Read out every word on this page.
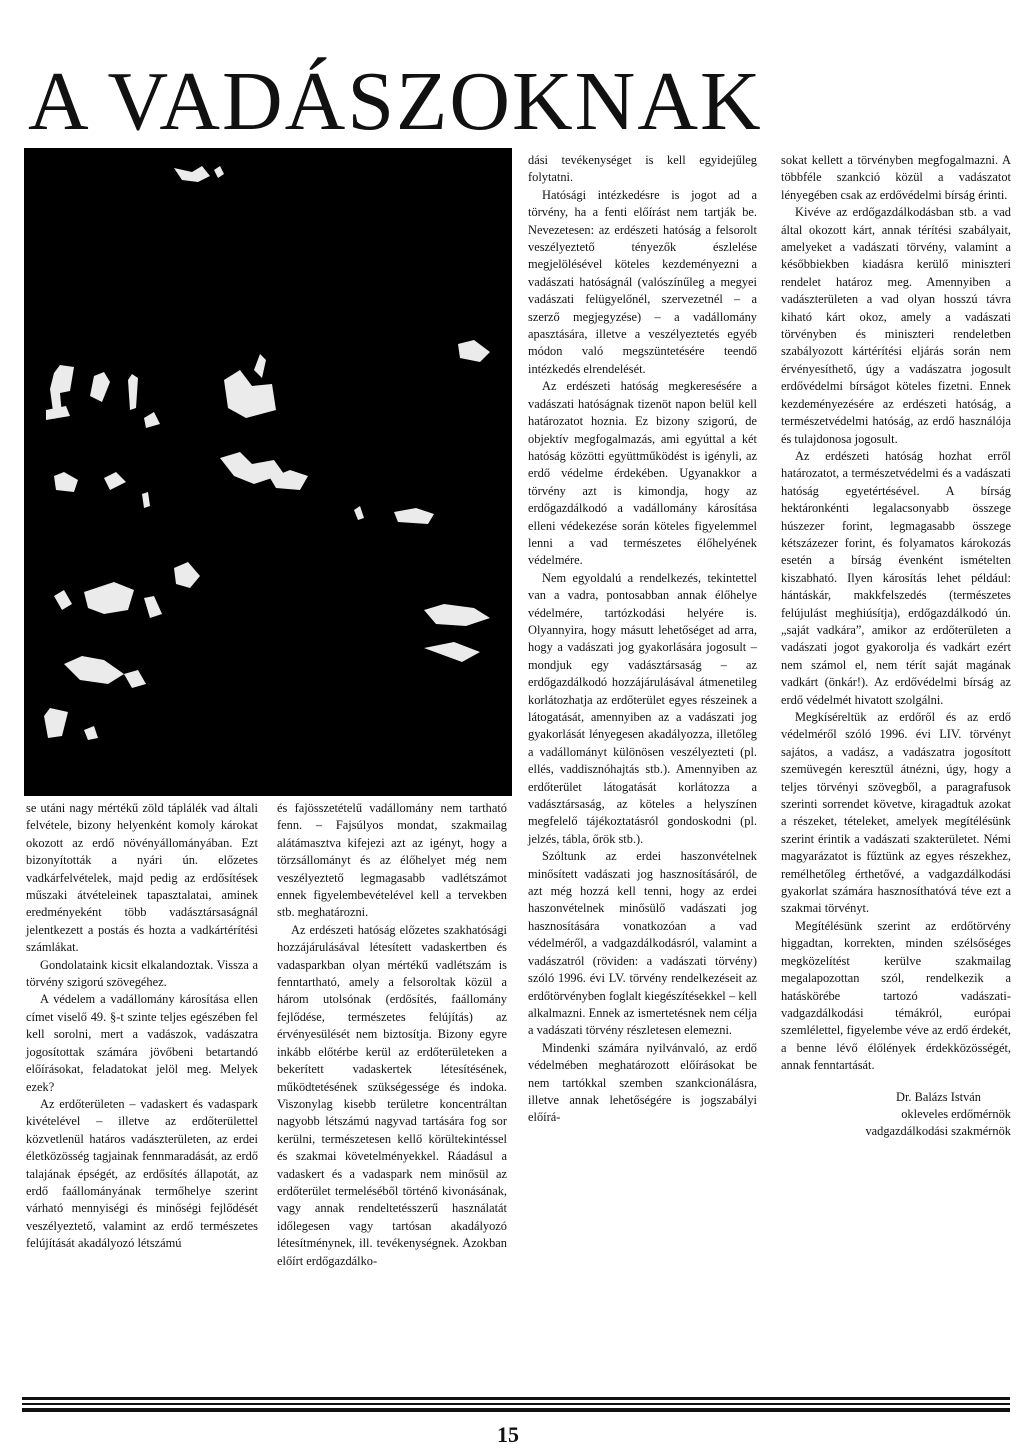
A VADÁSZOKNAK

se utáni nagy mértékű zöld táplálék vad általi felvétele, bizony helyenként komoly károkat okozott az erdő növényállományában. Ezt bizonyították a nyári ún. előzetes vadkárfelvételek, majd pedig az erdősítések műszaki átvételeinek tapasztalatai, aminek eredményeként több vadásztársaságnál jelentkezett a postás és hozta a vadkártérítési számlákat.

Gondolataink kicsit elkalandoztak. Vissza a törvény szigorú szövegéhez.

A védelem a vadállomány károsítása ellen címet viselő 49. §-t szinte teljes egészében fel kell sorolni, mert a vadászok, vadászatra jogosítottak számára jövőbeni betartandó előírásokat, feladatokat jelöl meg. Melyek ezek?

Az erdőterületen – vadaskert és vadaspark kivételével – illetve az erdőterülettel közvetlenül határos vadászterületen, az erdei életközösség tagjainak fennmaradását, az erdő talajának épségét, az erdősítés állapotát, az erdő faállományának termőhelye szerint várható mennyiségi és minőségi fejlődését veszélyeztető, valamint az erdő természetes felújítását akadályozó létszámú

és fajösszetételű vadállomány nem tartható fenn. – Fajsúlyos mondat, szakmailag alátámasztva kifejezi azt az igényt, hogy a törzsállományt és az élőhelyet még nem veszélyeztető legmagasabb vadlétszámot ennek figyelembevételével kell a tervekben stb. meghatározni.

Az erdészeti hatóság előzetes szakhatósági hozzájárulásával létesített vadaskertben és vadasparkban olyan mértékű vadlétszám is fenntartható, amely a felsoroltak közül a három utolsónak (erdősítés, faállomány fejlődése, természetes felújítás) az érvényesülését nem biztosítja. Bizony egyre inkább előtérbe kerül az erdőterületeken a bekerített vadaskertek létesítésének, működtetésének szükségessége és indoka. Viszonylag kisebb területre koncentráltan nagyobb létszámú nagyvad tartására fog sor kerülni, természetesen kellő körültekintéssel és szakmai követelményekkel. Ráadásul a vadaskert és a vadaspark nem minősül az erdőterület termeléséből történő kivonásának, vagy annak rendeltetésszerű használatát időlegesen vagy tartósan akadályozó létesítménynek, ill. tevékenységnek. Azokban előírt erdőgazdálko-

dási tevékenységet is kell egyidejűleg folytatni.

Hatósági intézkedésre is jogot ad a törvény, ha a fenti előírást nem tartják be. Nevezetesen: az erdészeti hatóság a felsorolt veszélyeztető tényezők észlelése megjelölésével köteles kezdeményezni a vadászati hatóságnál (valószínűleg a megyei vadászati felügyelőnél, szervezetnél – a szerző megjegyzése) – a vadállomány apasztására, illetve a veszélyeztetés egyéb módon való megszüntetésére teendő intézkedés elrendelését.

Az erdészeti hatóság megkeresésére a vadászati hatóságnak tizenöt napon belül kell határozatot hoznia. Ez bizony szigorú, de objektív megfogalmazás, ami egyúttal a két hatóság közötti együttműködést is igényli, az erdő védelme érdekében. Ugyanakkor a törvény azt is kimondja, hogy az erdőgazdálkodó a vadállomány károsítása elleni védekezése során köteles figyelemmel lenni a vad természetes élőhelyének védelmére.

Nem egyoldalú a rendelkezés, tekintettel van a vadra, pontosabban annak élőhelye védelmére, tartózkodási helyére is. Olyannyira, hogy másutt lehetőséget ad arra, hogy a vadászati jog gyakorlására jogosult – mondjuk egy vadásztársaság – az erdőgazdálkodó hozzájárulásával átmenetileg korlátozhatja az erdőterület egyes részeinek a látogatását, amennyiben az a vadászati jog gyakorlását lényegesen akadályozza, illetőleg a vadállományt különösen veszélyezteti (pl. ellés, vaddisznóhajtás stb.). Amennyiben az erdőterület látogatását korlátozza a vadásztársaság, az köteles a helyszínen megfelelő tájékoztatásról gondoskodni (pl. jelzés, tábla, őrök stb.).

Szóltunk az erdei haszonvételnek minősített vadászati jog hasznosításáról, de azt még hozzá kell tenni, hogy az erdei haszonvételnek minősülő vadászati jog hasznosítására vonatkozóan a vad védelméről, a vadgazdálkodásról, valamint a vadászatról (röviden: a vadászati törvény) szóló 1996. évi LV. törvény rendelkezéseit az erdőtörvényben foglalt kiegészítésekkel – kell alkalmazni. Ennek az ismertetésnek nem célja a vadászati törvény részletesen elemezni.

Mindenki számára nyilvánvaló, az erdő védelmében meghatározott előírásokat be nem tartókkal szemben szankcionálásra, illetve annak lehetőségére is jogszabályi előírá-

sokat kellett a törvényben megfogalmazni. A többféle szankció közül a vadászatot lényegében csak az erdővédelmi bírság érinti.

Kivéve az erdőgazdálkodásban stb. a vad által okozott kárt, annak térítési szabályait, amelyeket a vadászati törvény, valamint a későbbiekben kiadásra kerülő miniszteri rendelet határoz meg. Amennyiben a vadászterületen a vad olyan hosszú távra kiható kárt okoz, amely a vadászati törvényben és miniszteri rendeletben szabályozott kártérítési eljárás során nem érvényesíthető, úgy a vadászatra jogosult erdővédelmi bírságot köteles fizetni. Ennek kezdeményezésére az erdészeti hatóság, a természetvédelmi hatóság, az erdő használója és tulajdonosa jogosult.

Az erdészeti hatóság hozhat erről határozatot, a természetvédelmi és a vadászati hatóság egyetértésével. A bírság hektáronkénti legalacsonyabb összege húszezer forint, legmagasabb összege kétszázezer forint, és folyamatos károkozás esetén a bírság évenként ismételten kiszabható. Ilyen károsítás lehet például: hántáskár, makkfelszedés (természetes felújulást meghiúsítja), erdőgazdálkodó ún. „saját vadkára”, amikor az erdőterületen a vadászati jogot gyakorolja és vadkárt ezért nem számol el, nem térít saját magának vadkárt (önkár!). Az erdővédelmi bírság az erdő védelmét hivatott szolgálni.

Megkíséreltük az erdőről és az erdő védelméről szóló 1996. évi LIV. törvényt sajátos, a vadász, a vadászatra jogosított szemüvegén keresztül átnézni, úgy, hogy a teljes törvényi szövegből, a paragrafusok szerinti sorrendet követve, kiragadtuk azokat a részeket, tételeket, amelyek megítélésünk szerint érintik a vadászati szakterületet. Némi magyarázatot is fűztünk az egyes részekhez, remélhetőleg érthetővé, a vadgazdálkodási gyakorlat számára hasznosíthatóvá téve ezt a szakmai törvényt.

Megítélésünk szerint az erdőtörvény higgadtan, korrekten, minden szélsőséges megközelítést kerülve szakmailag megalapozottan szól, rendelkezik a hatáskörébe tartozó vadászati-vadgazdálkodási témákról, európai szemlélettel, figyelembe véve az erdő érdekét, a benne lévő élőlények érdekközösségét, annak fenntartását.

Dr. Balázs István
okleveles erdőmérnök
vadgazdálkodási szakmérnök
15
